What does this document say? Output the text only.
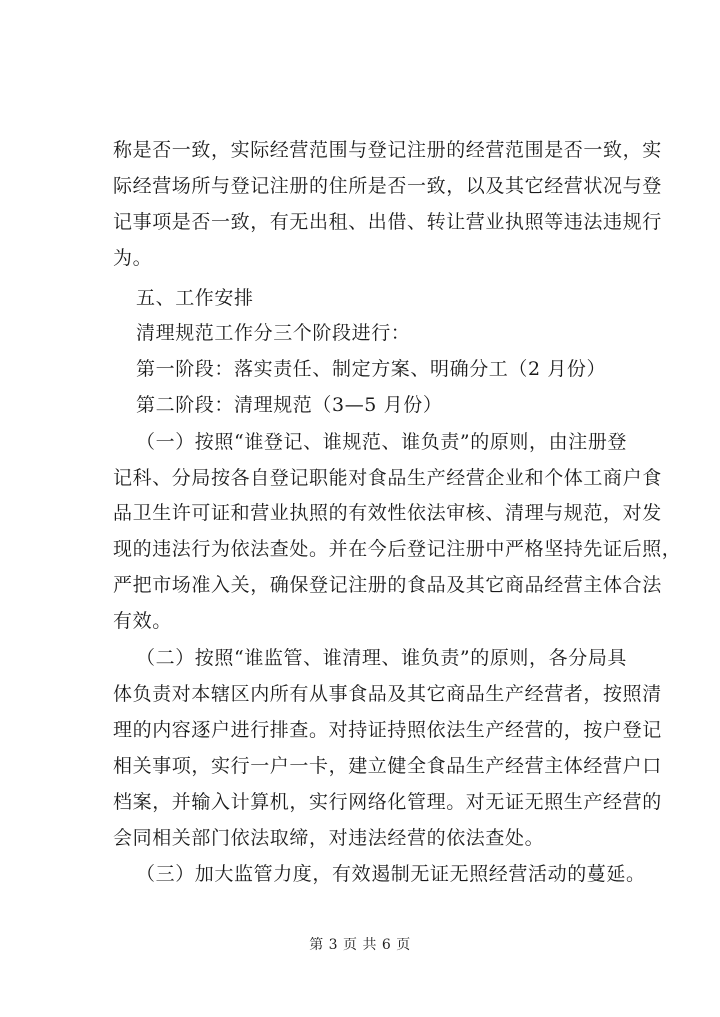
称是否一致，实际经营范围与登记注册的经营范围是否一致，实
际经营场所与登记注册的住所是否一致，以及其它经营状况与登
记事项是否一致，有无出租、出借、转让营业执照等违法违规行
为。
五、工作安排
清理规范工作分三个阶段进行：
第一阶段：落实责任、制定方案、明确分工（2 月份）
第二阶段：清理规范（3—5 月份）
（一）按照“谁登记、谁规范、谁负责”的原则，由注册登
记科、分局按各自登记职能对食品生产经营企业和个体工商户食
品卫生许可证和营业执照的有效性依法审核、清理与规范，对发
现的违法行为依法查处。并在今后登记注册中严格坚持先证后照，
严把市场准入关，确保登记注册的食品及其它商品经营主体合法
有效。
（二）按照“谁监管、谁清理、谁负责”的原则，各分局具
体负责对本辖区内所有从事食品及其它商品生产经营者，按照清
理的内容逐户进行排查。对持证持照依法生产经营的，按户登记
相关事项，实行一户一卡，建立健全食品生产经营主体经营户口
档案，并输入计算机，实行网络化管理。对无证无照生产经营的
会同相关部门依法取缔，对违法经营的依法查处。
（三）加大监管力度，有效遏制无证无照经营活动的蔓延。
第 3 页 共 6 页
